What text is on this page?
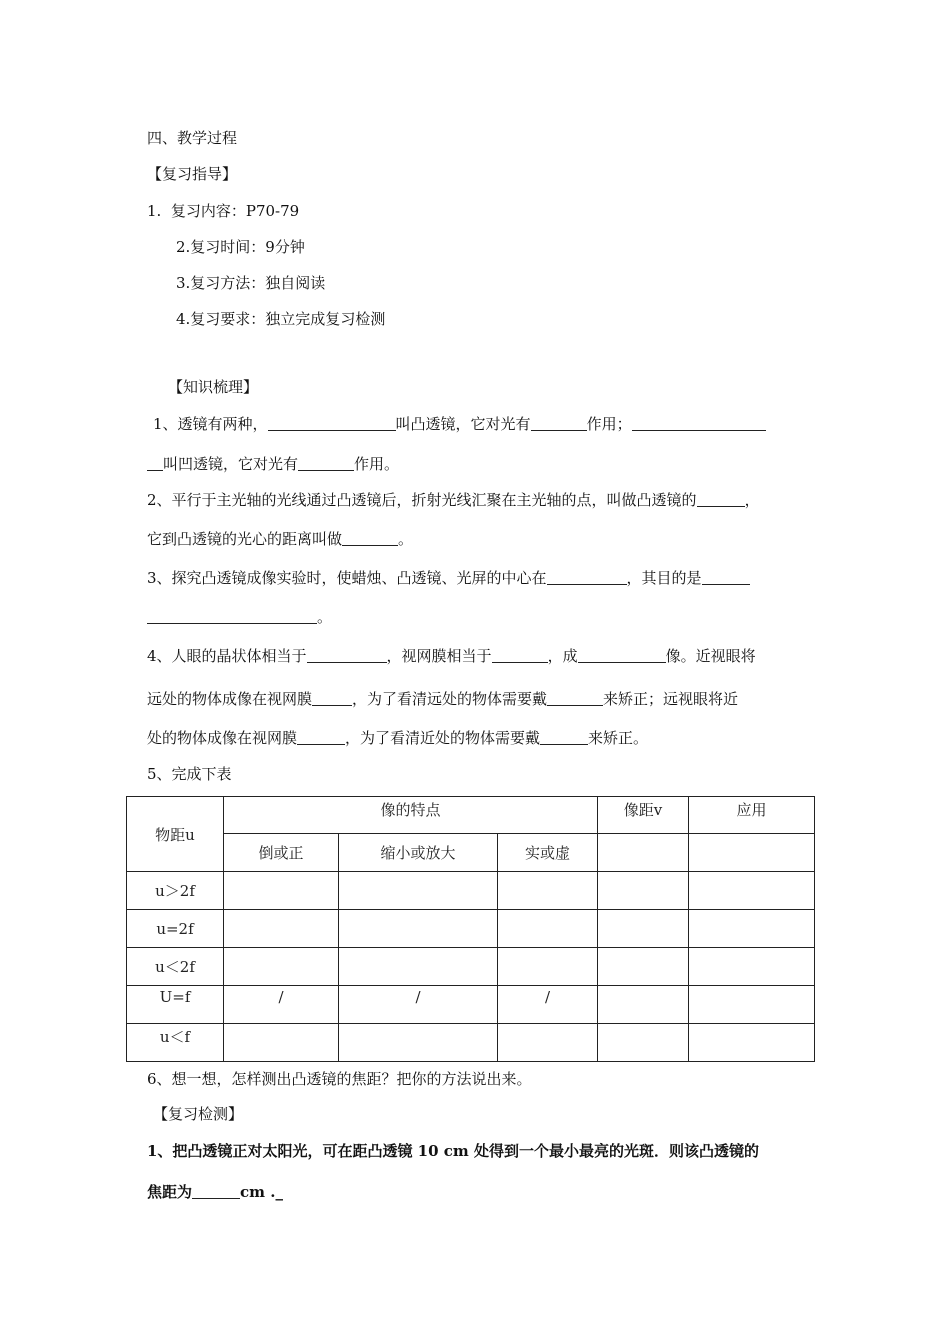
四、教学过程
【复习指导】
1.  复习内容：P70-79
2.复习时间：9分钟
3.复习方法：独自阅读
4.复习要求：独立完成复习检测
【知识梳理】
1、透镜有两种，	叫凸透镜，它对光有	作用；
叫凹透镜，它对光有	作用。
2、平行于主光轴的光线通过凸透镜后，折射光线汇聚在主光轴的点，叫做凸透镜的	，
它到凸透镜的光心的距离叫做	。
3、探究凸透镜成像实验时，使蜡烛、凸透镜、光屏的中心在	，其目的是
。
4、人眼的晶状体相当于	，视网膜相当于	，成	像。近视眼将
远处的物体成像在视网膜	，为了看清远处的物体需要戴	来矫正；远视眼将近
处的物体成像在视网膜	，为了看清近处的物体需要戴	来矫正。
5、完成下表
物距u	像的特点			像距v	应用
	倒或正	缩小或放大	实或虚		
u＞2f					
u=2f					
u＜2f					
U=f	/	/	/		
u＜f					
6、想一想，怎样测出凸透镜的焦距？把你的方法说出来。
【复习检测】
1、把凸透镜正对太阳光，可在距凸透镜 10 cm 处得到一个最小最亮的光斑．则该凸透镜的
焦距为	cm ._
